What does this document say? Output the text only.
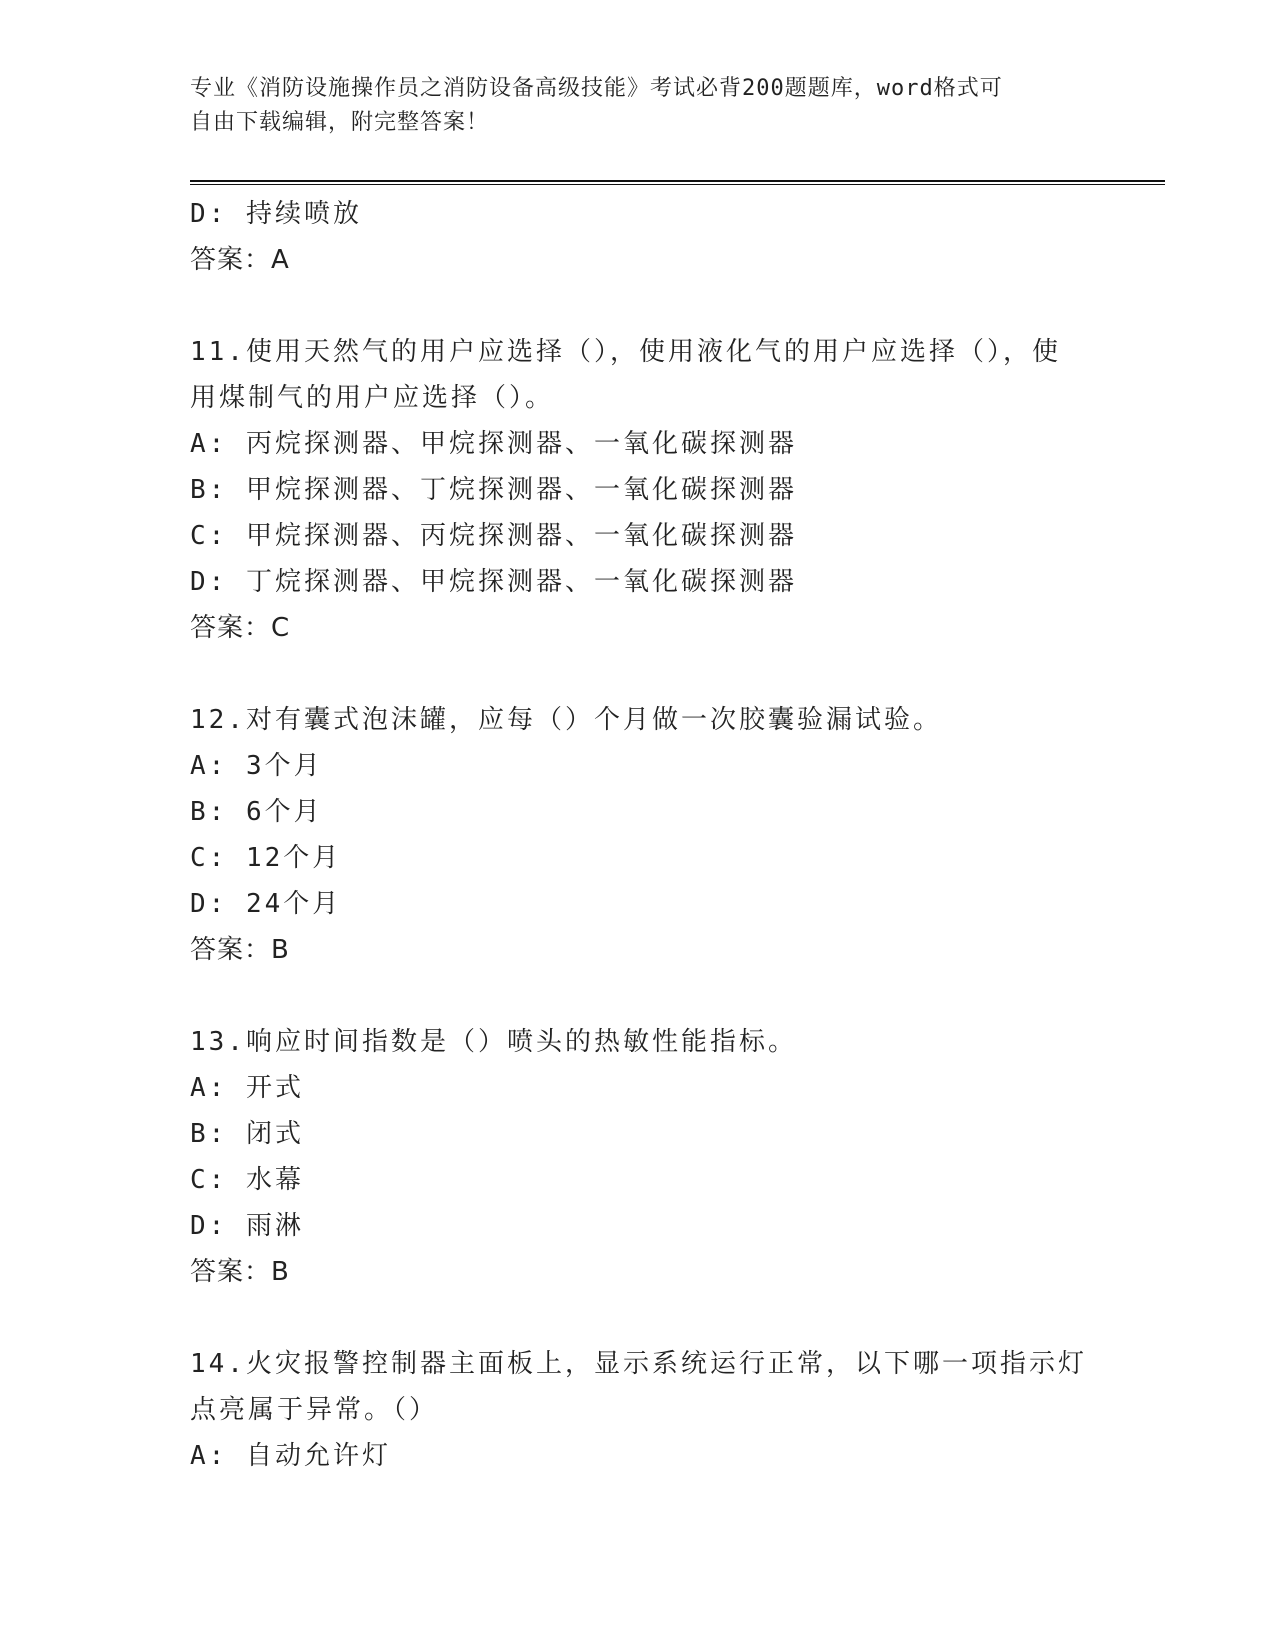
专业《消防设施操作员之消防设备高级技能》考试必背200题题库，word格式可
自由下载编辑，附完整答案！
D: 持续喷放
答案：A
11.使用天然气的用户应选择（），使用液化气的用户应选择（），使
用煤制气的用户应选择（）。
A: 丙烷探测器、甲烷探测器、一氧化碳探测器
B: 甲烷探测器、丁烷探测器、一氧化碳探测器
C: 甲烷探测器、丙烷探测器、一氧化碳探测器
D: 丁烷探测器、甲烷探测器、一氧化碳探测器
答案：C
12.对有囊式泡沫罐，应每（）个月做一次胶囊验漏试验。
A: 3个月
B: 6个月
C: 12个月
D: 24个月
答案：B
13.响应时间指数是（）喷头的热敏性能指标。
A: 开式
B: 闭式
C: 水幕
D: 雨淋
答案：B
14.火灾报警控制器主面板上，显示系统运行正常，以下哪一项指示灯
点亮属于异常。（）
A: 自动允许灯
